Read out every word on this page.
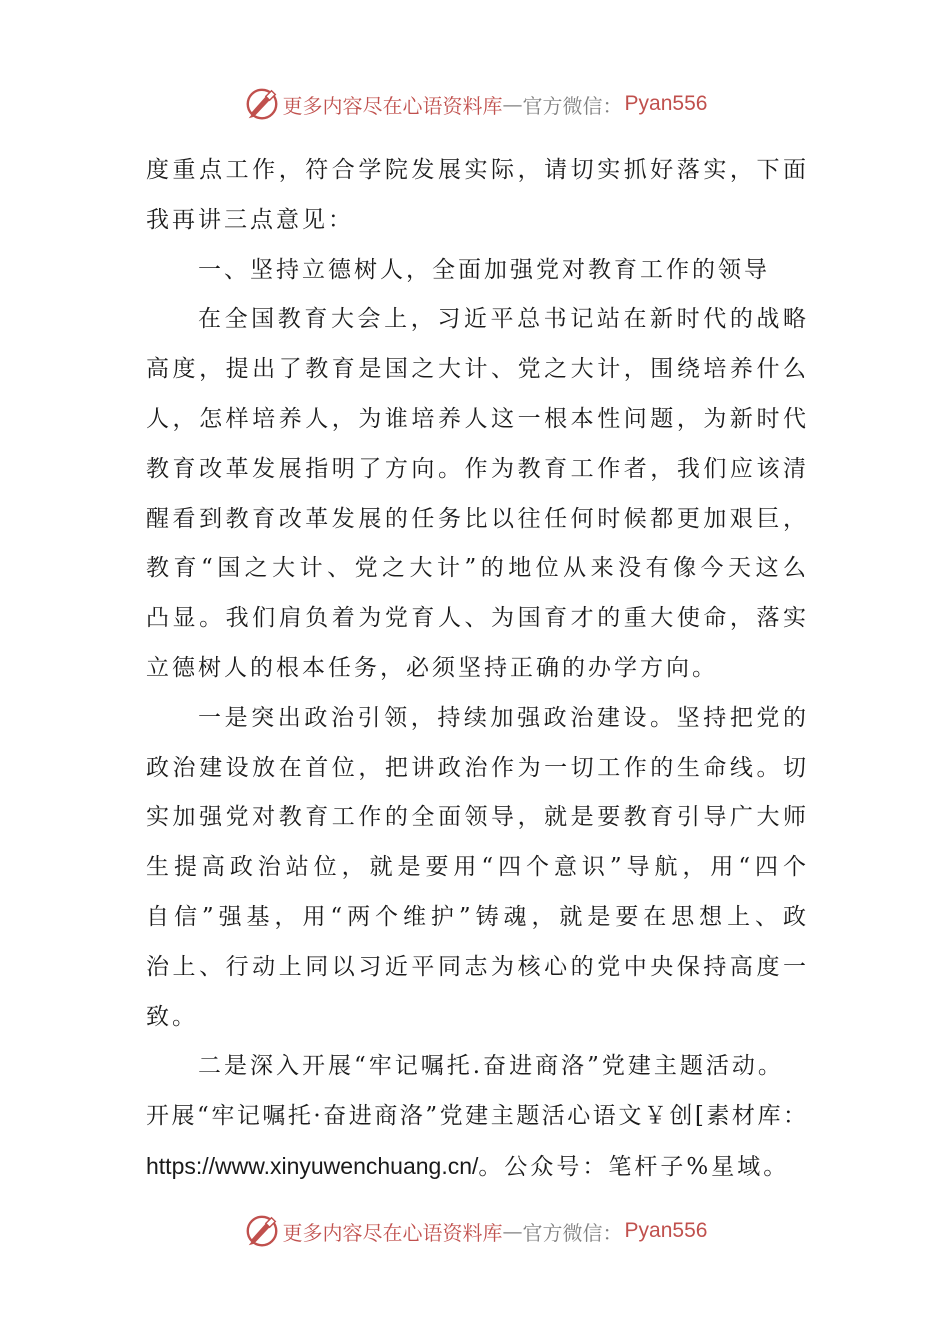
更多内容尽在心语资料库 — 官方微信： Pyan556
度重点工作，符合学院发展实际，请切实抓好落实，下面
我再讲三点意见：
一、坚持立德树人，全面加强党对教育工作的领导
在全国教育大会上，习近平总书记站在新时代的战略
高度，提出了教育是国之大计、党之大计，围绕培养什么
人，怎样培养人，为谁培养人这一根本性问题，为新时代
教育改革发展指明了方向。作为教育工作者，我们应该清
醒看到教育改革发展的任务比以往任何时候都更加艰巨，
教育“国之大计、党之大计”的地位从来没有像今天这么
凸显。我们肩负着为党育人、为国育才的重大使命，落实
立德树人的根本任务，必须坚持正确的办学方向。
一是突出政治引领，持续加强政治建设。坚持把党的
政治建设放在首位，把讲政治作为一切工作的生命线。切
实加强党对教育工作的全面领导，就是要教育引导广大师
生提高政治站位，就是要用“四个意识”导航，用“四个
自信”强基，用“两个维护”铸魂，就是要在思想上、政
治上、行动上同以习近平同志为核心的党中央保持高度一
致。
二是深入开展“牢记嘱托.奋进商洛”党建主题活动。
开展“牢记嘱托·奋进商洛”党建主题活心语文￥创[素材库：
https://www.xinyuwenchuang.cn/。公众号：笔杆子%星域。
更多内容尽在心语资料库 — 官方微信： Pyan556
